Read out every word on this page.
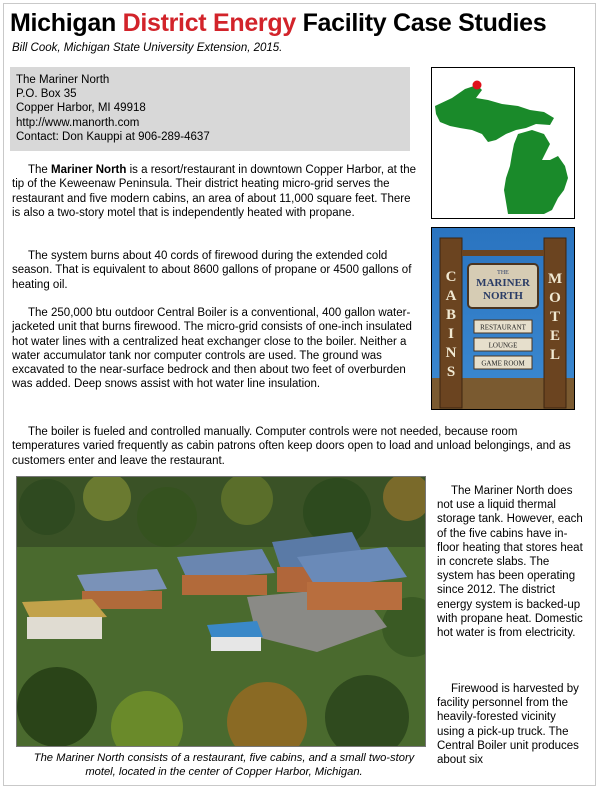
Michigan District Energy Facility Case Studies
Bill Cook, Michigan State University Extension, 2015.
The Mariner North
P.O. Box 35
Copper Harbor, MI 49918
http://www.manorth.com
Contact: Don Kauppi at 906-289-4637
THE
MARINER
NORTH
RESTAURANT
LOUNGE
GAME ROOM
CABINS
MOTEL
The Mariner North is a resort/restaurant in downtown Copper Harbor, at the tip of the Keweenaw Peninsula. Their district heating micro-grid serves the restaurant and five modern cabins, an area of about 11,000 square feet. There is also a two-story motel that is independently heated with propane.
The system burns about 40 cords of firewood during the extended cold season. That is equivalent to about 8600 gallons of propane or 4500 gallons of heating oil.
The 250,000 btu outdoor Central Boiler is a conventional, 400 gallon water-jacketed unit that burns firewood. The micro-grid consists of one-inch insulated hot water lines with a centralized heat exchanger close to the boiler. Neither a water accumulator tank nor computer controls are used. The ground was excavated to the near-surface bedrock and then about two feet of overburden was added. Deep snows assist with hot water line insulation.
The boiler is fueled and controlled manually. Computer controls were not needed, because room temperatures varied frequently as cabin patrons often keep doors open to load and unload belongings, and as customers enter and leave the restaurant.
The Mariner North consists of a restaurant, five cabins, and a small two-story motel, located in the center of Copper Harbor, Michigan.
The Mariner North does not use a liquid thermal storage tank. However, each of the five cabins have in-floor heating that stores heat in concrete slabs. The system has been operating since 2012. The district energy system is backed-up with propane heat. Domestic hot water is from electricity.
Firewood is harvested by facility personnel from the heavily-forested vicinity using a pick-up truck. The Central Boiler unit produces about six
